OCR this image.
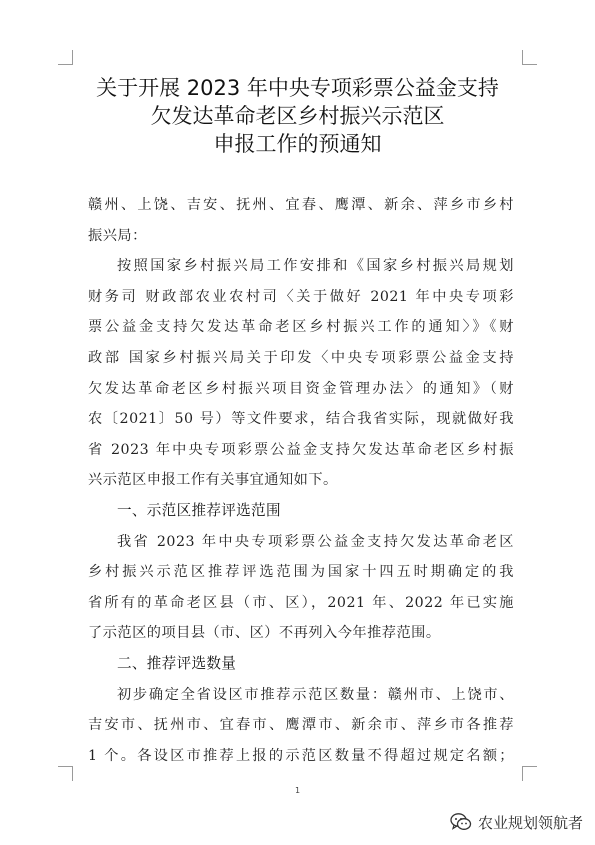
关于开展 2023 年中央专项彩票公益金支持
欠发达革命老区乡村振兴示范区
申报工作的预通知
赣州、上饶、吉安、抚州、宜春、鹰潭、新余、萍乡市乡村
振兴局：
按照国家乡村振兴局工作安排和《国家乡村振兴局规划
财务司 财政部农业农村司〈关于做好 2021 年中央专项彩
票公益金支持欠发达革命老区乡村振兴工作的通知〉》《财
政部 国家乡村振兴局关于印发〈中央专项彩票公益金支持
欠发达革命老区乡村振兴项目资金管理办法〉的通知》（财
农〔2021〕50 号）等文件要求，结合我省实际，现就做好我
省 2023 年中央专项彩票公益金支持欠发达革命老区乡村振
兴示范区申报工作有关事宜通知如下。
一、示范区推荐评选范围
我省 2023 年中央专项彩票公益金支持欠发达革命老区
乡村振兴示范区推荐评选范围为国家十四五时期确定的我
省所有的革命老区县（市、区），2021 年、2022 年已实施
了示范区的项目县（市、区）不再列入今年推荐范围。
二、推荐评选数量
初步确定全省设区市推荐示范区数量：赣州市、上饶市、
吉安市、抚州市、宜春市、鹰潭市、新余市、萍乡市各推荐
1 个。各设区市推荐上报的示范区数量不得超过规定名额；
1
农业规划领航者
